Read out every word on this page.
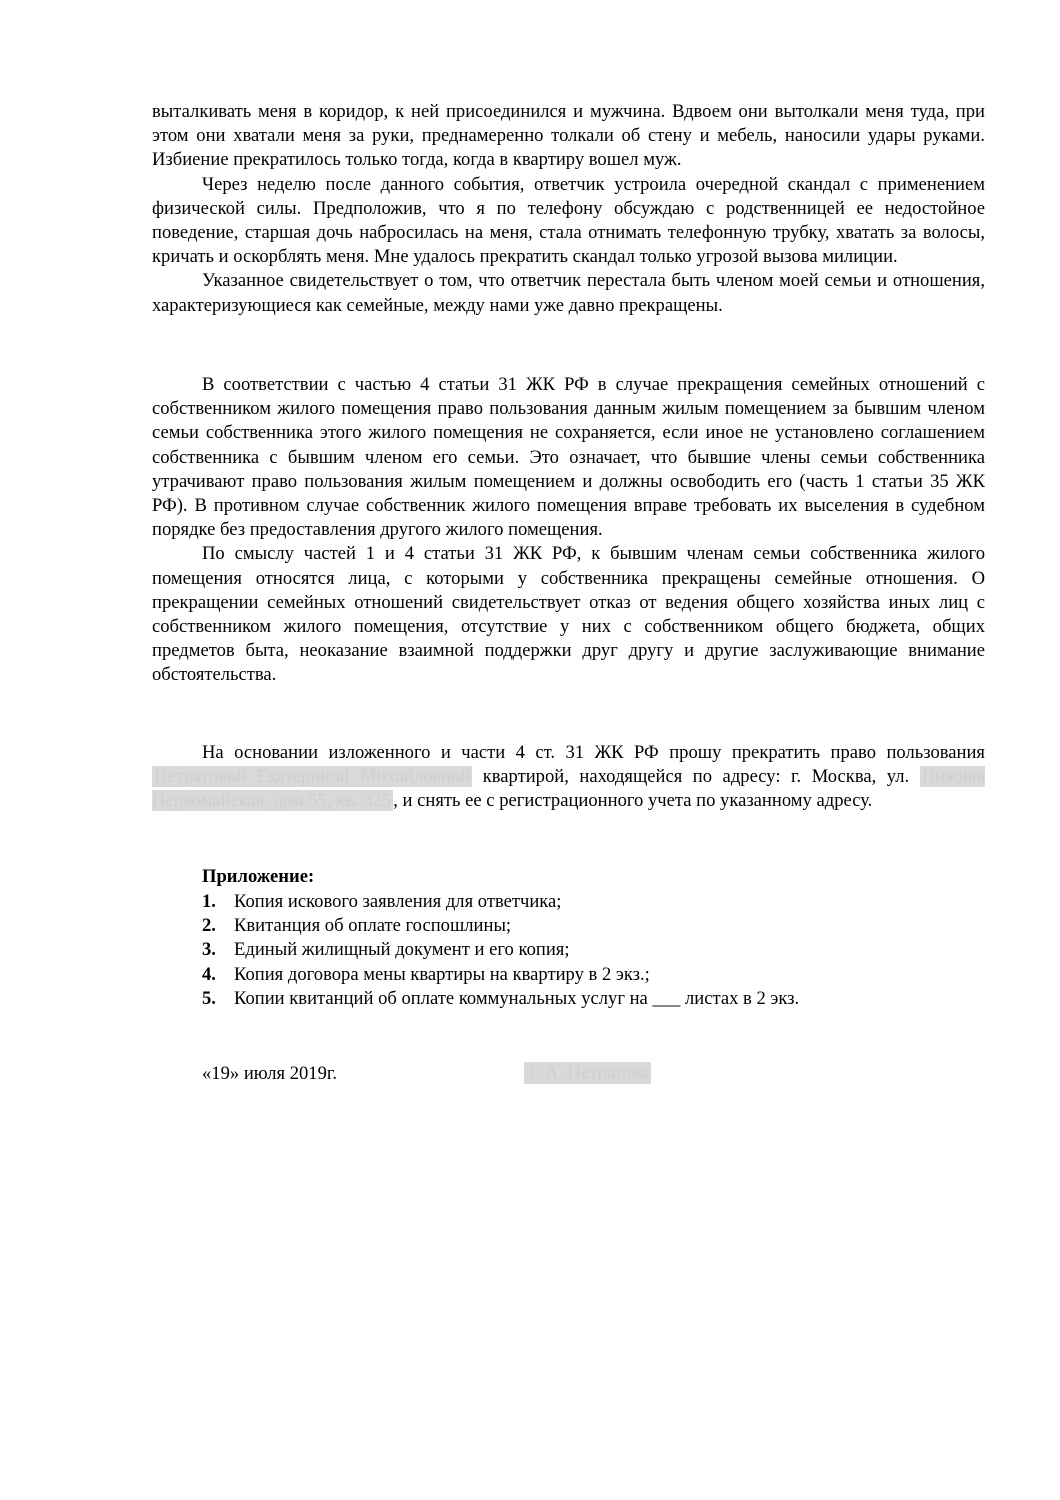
выталкивать меня в коридор, к ней присоединился и мужчина. Вдвоем они вытолкали меня туда, при этом они хватали меня за руки, преднамеренно толкали об стену и мебель, наносили удары руками. Избиение прекратилось только тогда, когда в квартиру вошел муж.

Через неделю после данного события, ответчик устроила очередной скандал с применением физической силы. Предположив, что я по телефону обсуждаю с родственницей ее недостойное поведение, старшая дочь набросилась на меня, стала отнимать телефонную трубку, хватать за волосы, кричать и оскорблять меня. Мне удалось прекратить скандал только угрозой вызова милиции.

Указанное свидетельствует о том, что ответчик перестала быть членом моей семьи и отношения, характеризующиеся как семейные, между нами уже давно прекращены.

В соответствии с частью 4 статьи 31 ЖК РФ в случае прекращения семейных отношений с собственником жилого помещения право пользования данным жилым помещением за бывшим членом семьи собственника этого жилого помещения не сохраняется, если иное не установлено соглашением собственника с бывшим членом его семьи. Это означает, что бывшие члены семьи собственника утрачивают право пользования жилым помещением и должны освободить его (часть 1 статьи 35 ЖК РФ). В противном случае собственник жилого помещения вправе требовать их выселения в судебном порядке без предоставления другого жилого помещения.

По смыслу частей 1 и 4 статьи 31 ЖК РФ, к бывшим членам семьи собственника жилого помещения относятся лица, с которыми у собственника прекращены семейные отношения. О прекращении семейных отношений свидетельствует отказ от ведения общего хозяйства иных лиц с собственником жилого помещения, отсутствие у них с собственником общего бюджета, общих предметов быта, неоказание взаимной поддержки друг другу и другие заслуживающие внимание обстоятельства.

На основании изложенного и части 4 ст. 31 ЖК РФ прошу прекратить право пользования Петратовой Екатериной Михайловной квартирой, находящейся по адресу: г. Москва, ул. Нижняя Первомайская, дом 55, кв. 325 , и снять ее с регистрационного учета по указанному адресу.

Приложение:
1. Копия искового заявления для ответчика;
2. Квитанция об оплате госпошлины;
3. Единый жилищный документ и его копия;
4. Копия договора мены квартиры на квартиру в 2 экз.;
5. Копии квитанций об оплате коммунальных услуг на ___ листах в 2 экз.
«19» июля 2019г.	Т. А. Петратова
